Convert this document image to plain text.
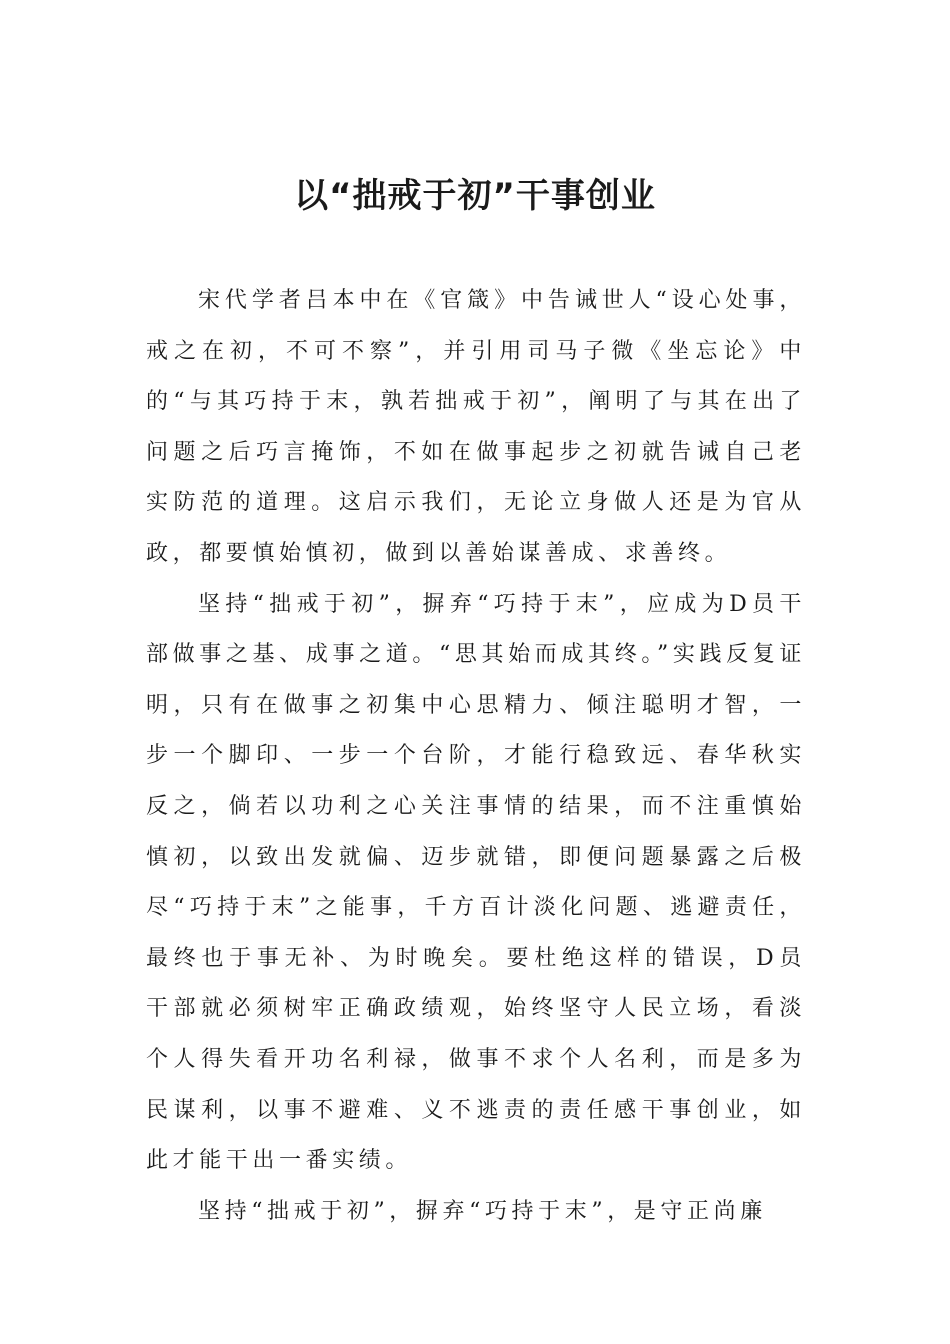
以“拙戒于初”干事创业

宋代学者吕本中在《官箴》中告诫世人“设心处事，戒之在初，不可不察”，并引用司马子微《坐忘论》中的“与其巧持于末，孰若拙戒于初”，阐明了与其在出了问题之后巧言掩饰，不如在做事起步之初就告诫自己老实防范的道理。这启示我们，无论立身做人还是为官从政，都要慎始慎初，做到以善始谋善成、求善终。

坚持“拙戒于初”，摒弃“巧持于末”，应成为D员干部做事之基、成事之道。“思其始而成其终。”实践反复证明，只有在做事之初集中心思精力、倾注聪明才智，一步一个脚印、一步一个台阶，才能行稳致远、春华秋实反之，倘若以功利之心关注事情的结果，而不注重慎始慎初，以致出发就偏、迈步就错，即便问题暴露之后极尽“巧持于末”之能事，千方百计淡化问题、逃避责任，最终也于事无补、为时晚矣。要杜绝这样的错误，D员干部就必须树牢正确政绩观，始终坚守人民立场，看淡个人得失看开功名利禄，做事不求个人名利，而是多为民谋利，以事不避难、义不逃责的责任感干事创业，如此才能干出一番实绩。

坚持“拙戒于初”，摒弃“巧持于末”，是守正尚廉
